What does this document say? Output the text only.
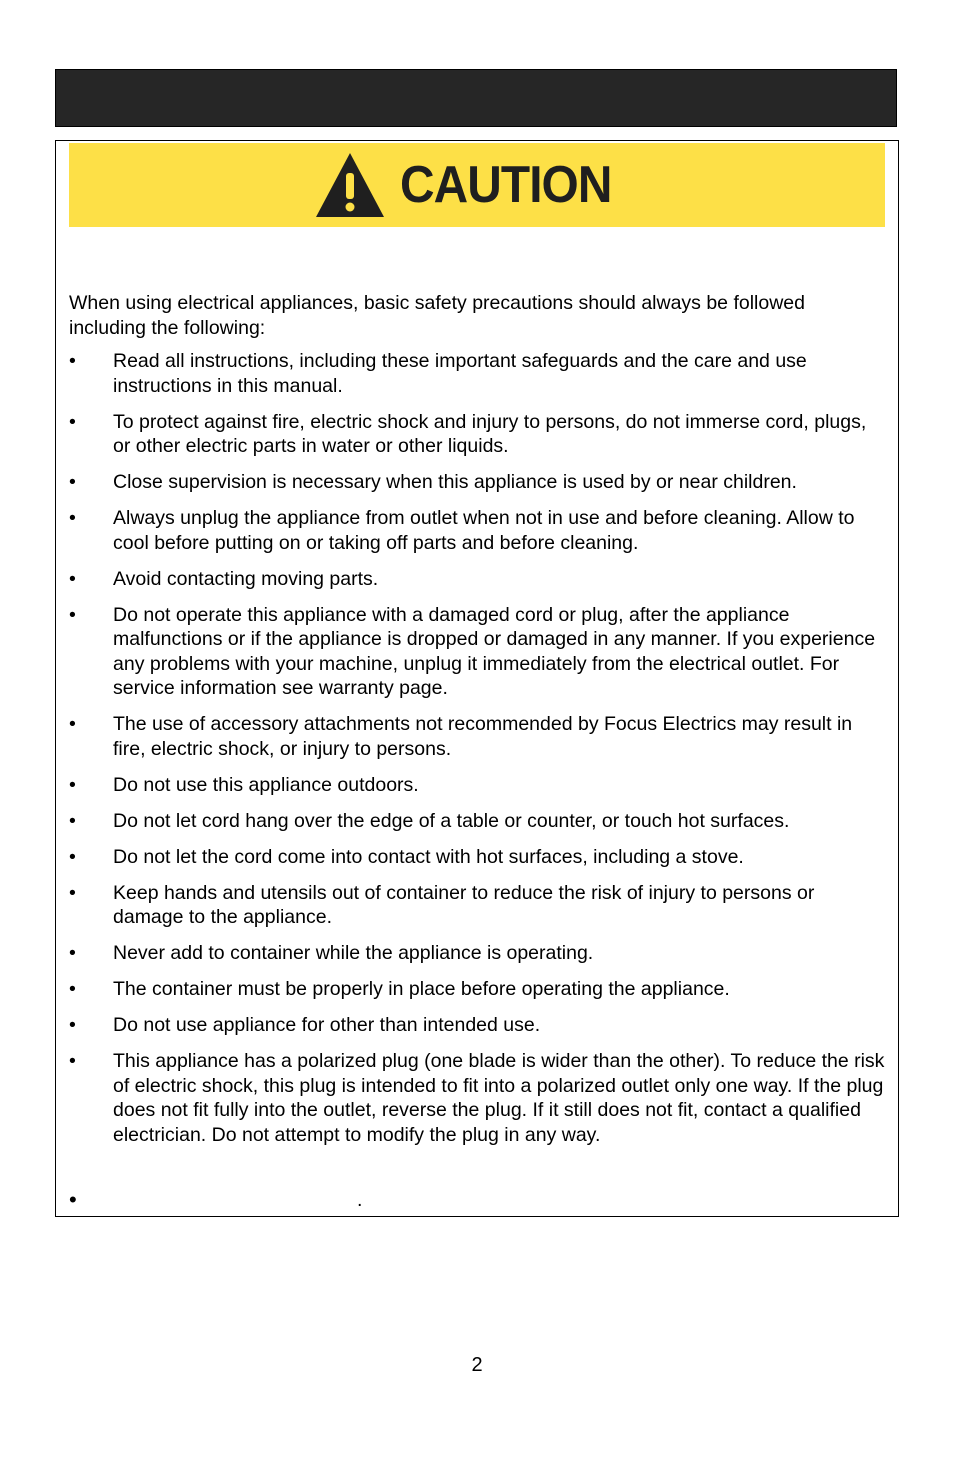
CAUTION
When using electrical appliances, basic safety precautions should always be followed including the following:
• Read all instructions, including these important safeguards and the care and use instructions in this manual.
• To protect against fire, electric shock and injury to persons, do not immerse cord, plugs, or other electric parts in water or other liquids.
• Close supervision is necessary when this appliance is used by or near children.
• Always unplug the appliance from outlet when not in use and before cleaning. Allow to cool before putting on or taking off parts and before cleaning.
• Avoid contacting moving parts.
• Do not operate this appliance with a damaged cord or plug, after the appliance malfunctions or if the appliance is dropped or damaged in any manner. If you experience any problems with your machine, unplug it immediately from the electrical outlet. For service information see warranty page.
• The use of accessory attachments not recommended by Focus Electrics may result in fire, electric shock, or injury to persons.
• Do not use this appliance outdoors.
• Do not let cord hang over the edge of a table or counter, or touch hot surfaces.
• Do not let the cord come into contact with hot surfaces, including a stove.
• Keep hands and utensils out of container to reduce the risk of injury to persons or damage to the appliance.
• Never add to container while the appliance is operating.
• The container must be properly in place before operating the appliance.
• Do not use appliance for other than intended use.
• This appliance has a polarized plug (one blade is wider than the other). To reduce the risk of electric shock, this plug is intended to fit into a polarized outlet only one way. If the plug does not fit fully into the outlet, reverse the plug. If it still does not fit, contact a qualified electrician. Do not attempt to modify the plug in any way.
•	.
2
